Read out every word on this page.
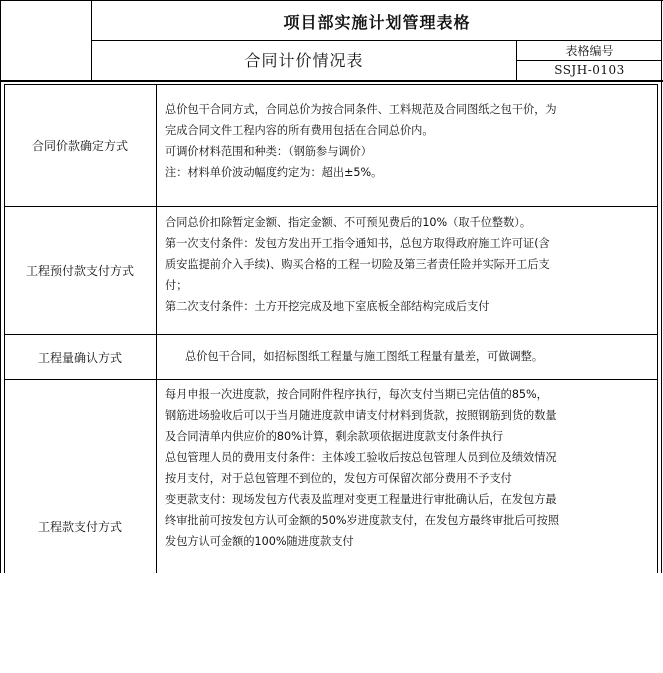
项目部实施计划管理表格
合同计价情况表
表格编号
SSJH-0103
合同价款确定方式

总价包干合同方式，合同总价为按合同条件、工料规范及合同图纸之包干价，为

完成合同文件工程内容的所有费用包括在合同总价内。

可调价材料范围和种类：（钢筋参与调价）

注：材料单价波动幅度约定为：超出±5%。

工程预付款支付方式

合同总价扣除暂定金额、指定金额、不可预见费后的10%（取千位整数）。

第一次支付条件：发包方发出开工指令通知书，总包方取得政府施工许可证(含

质安监提前介入手续)、购买合格的工程一切险及第三者责任险并实际开工后支

付；

第二次支付条件：土方开挖完成及地下室底板全部结构完成后支付

工程量确认方式	总价包干合同，如招标图纸工程量与施工图纸工程量有量差，可做调整。

工程款支付方式

每月申报一次进度款，按合同附件程序执行，每次支付当期已完估值的85%，

钢筋进场验收后可以于当月随进度款申请支付材料到货款，按照钢筋到货的数量

及合同清单内供应价的80%计算，剩余款项依据进度款支付条件执行

总包管理人员的费用支付条件：主体竣工验收后按总包管理人员到位及绩效情况

按月支付，对于总包管理不到位的，发包方可保留次部分费用不予支付

变更款支付：现场发包方代表及监理对变更工程量进行审批确认后，在发包方最

终审批前可按发包方认可金额的50%岁进度款支付，在发包方最终审批后可按照

发包方认可金额的100%随进度款支付
